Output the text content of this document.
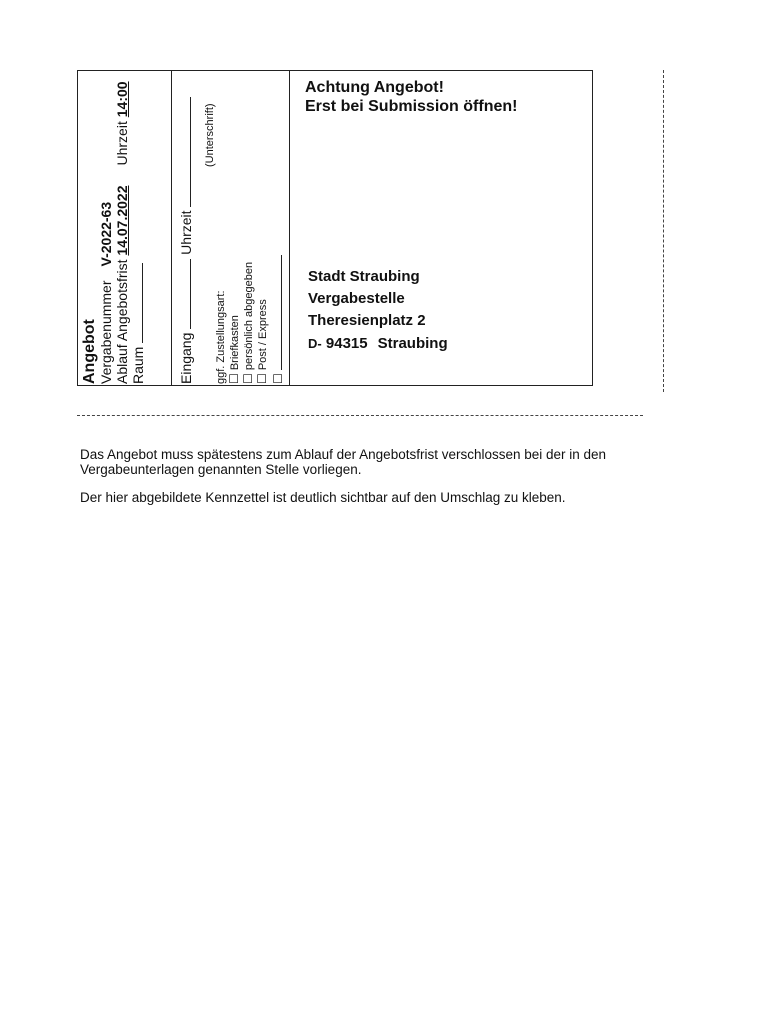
Angebot VergabenummerV-2022-63
Ablauf Angebotsfrist 14.07.2022Uhrzeit 14:00
Raum Eingang  Uhrzeit
(Unterschrift)
ggf. Zustellungsart: ☐ Briefkasten
☐ persönlich abgegeben
☐ Post / Express
☐
Achtung Angebot!
Erst bei Submission öffnen!
Stadt Straubing
Vergabestelle
Theresienplatz 2
D- 94315 Straubing
Das Angebot muss spätestens zum Ablauf der Angebotsfrist verschlossen bei der in den Vergabeunterlagen genannten Stelle vorliegen.
Der hier abgebildete Kennzettel ist deutlich sichtbar auf den Umschlag zu kleben.
